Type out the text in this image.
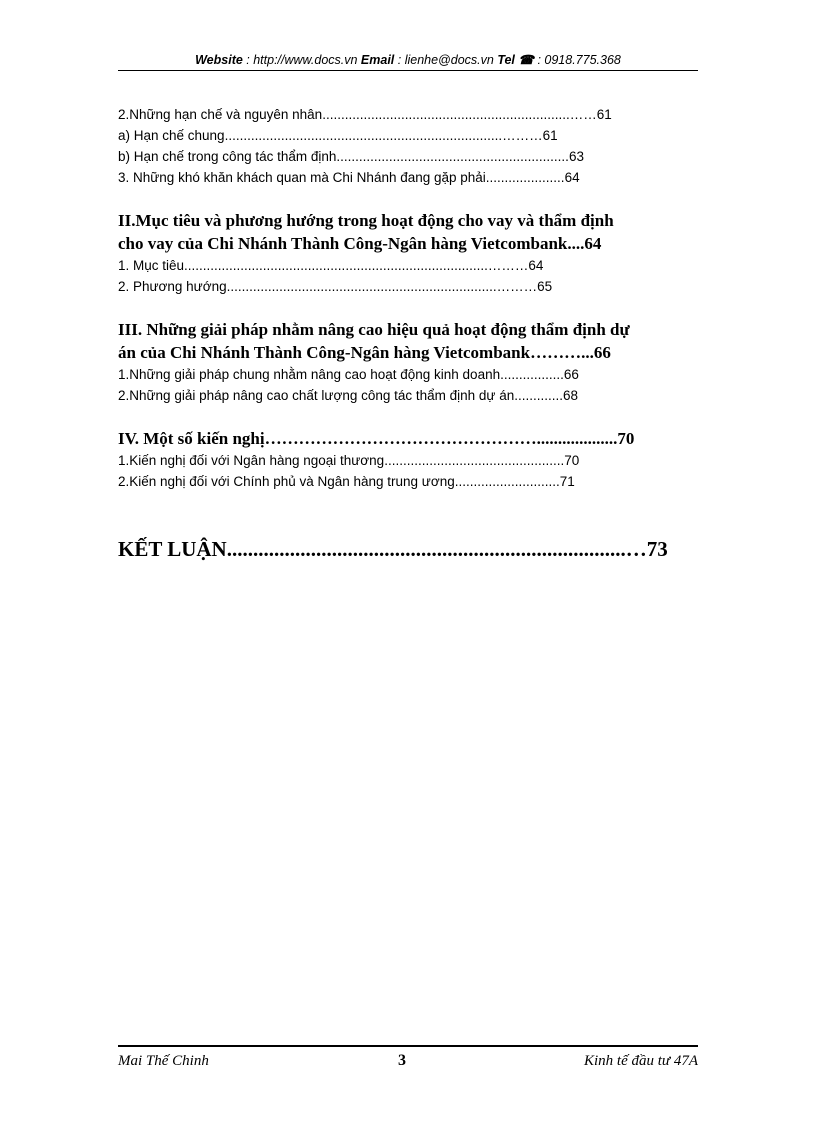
Website : http://www.docs.vn Email : lienhe@docs.vn Tel ☎ : 0918.775.368
2.Những hạn chế và nguyên nhân..................................................................……61
a) Hạn chế chung..........................................................................………61
b) Hạn chế trong công tác thẩm định..............................................................63
3. Những khó khăn khách quan mà Chi Nhánh đang gặp phải.....................64
II.Mục tiêu và phương hướng trong hoạt động cho vay và thẩm định
cho vay của Chi Nhánh Thành Công-Ngân hàng Vietcombank....64
1. Mục tiêu.................................................................................………64
2. Phương hướng........................................................................………65
III. Những giải pháp nhằm nâng cao hiệu quả hoạt động thẩm định dự
án của Chi Nhánh Thành Công-Ngân hàng Vietcombank………...66
1.Những giải pháp chung nhằm nâng cao hoạt động kinh doanh.................66
2.Những giải pháp nâng cao chất lượng công tác thẩm định dự án.............68
IV. Một số kiến nghị…………………………………………...................70
1.Kiến nghị đối với Ngân hàng ngoại thương................................................70
2.Kiến nghị đối với Chính phủ và Ngân hàng trung ương............................71
KẾT LUẬN............................................................................…73
Mai Thế Chinh	3	Kinh tế đầu tư 47A
